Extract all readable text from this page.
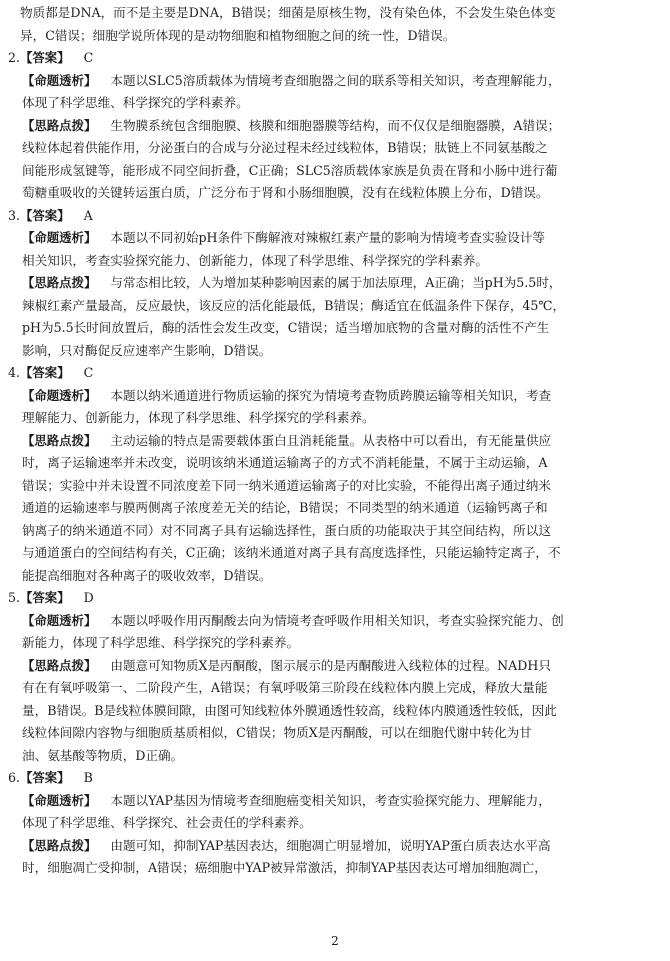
物质都是DNA，而不是主要是DNA，B错误；细菌是原核生物，没有染色体，不会发生染色体变
异，C错误；细胞学说所体现的是动物细胞和植物细胞之间的统一性，D错误。
2.【答案】 C
【命题透析】 本题以SLC5溶质载体为情境考查细胞器之间的联系等相关知识，考查理解能力，
体现了科学思维、科学探究的学科素养。
【思路点拨】 生物膜系统包含细胞膜、核膜和细胞器膜等结构，而不仅仅是细胞器膜，A错误；
线粒体起着供能作用，分泌蛋白的合成与分泌过程未经过线粒体，B错误；肽链上不同氨基酸之
间能形成氢键等，能形成不同空间折叠，C正确；SLC5溶质载体家族是负责在肾和小肠中进行葡
萄糖重吸收的关键转运蛋白质，广泛分布于肾和小肠细胞膜，没有在线粒体膜上分布，D错误。
3.【答案】 A
【命题透析】 本题以不同初始pH条件下酶解液对辣椒红素产量的影响为情境考查实验设计等
相关知识，考查实验探究能力、创新能力，体现了科学思维、科学探究的学科素养。
【思路点拨】 与常态相比较，人为增加某种影响因素的属于加法原理，A正确；当pH为5.5时，
辣椒红素产量最高，反应最快，该反应的活化能最低，B错误；酶适宜在低温条件下保存，45℃，
pH为5.5长时间放置后，酶的活性会发生改变，C错误；适当增加底物的含量对酶的活性不产生
影响，只对酶促反应速率产生影响，D错误。
4.【答案】 C
【命题透析】 本题以纳米通道进行物质运输的探究为情境考查物质跨膜运输等相关知识，考查
理解能力、创新能力，体现了科学思维、科学探究的学科素养。
【思路点拨】 主动运输的特点是需要载体蛋白且消耗能量。从表格中可以看出，有无能量供应
时，离子运输速率并未改变，说明该纳米通道运输离子的方式不消耗能量，不属于主动运输，A
错误；实验中并未设置不同浓度差下同一纳米通道运输离子的对比实验，不能得出离子通过纳米
通道的运输速率与膜两侧离子浓度差无关的结论，B错误；不同类型的纳米通道（运输钙离子和
钠离子的纳米通道不同）对不同离子具有运输选择性，蛋白质的功能取决于其空间结构，所以这
与通道蛋白的空间结构有关，C正确；该纳米通道对离子具有高度选择性，只能运输特定离子，不
能提高细胞对各种离子的吸收效率，D错误。
5.【答案】 D
【命题透析】 本题以呼吸作用丙酮酸去向为情境考查呼吸作用相关知识，考查实验探究能力、创
新能力，体现了科学思维、科学探究的学科素养。
【思路点拨】 由题意可知物质X是丙酮酸，图示展示的是丙酮酸进入线粒体的过程。NADH只
有在有氧呼吸第一、二阶段产生，A错误；有氧呼吸第三阶段在线粒体内膜上完成，释放大量能
量，B错误。B是线粒体膜间隙，由图可知线粒体外膜通透性较高，线粒体内膜通透性较低，因此
线粒体间隙内容物与细胞质基质相似，C错误；物质X是丙酮酸，可以在细胞代谢中转化为甘
油、氨基酸等物质，D正确。
6.【答案】 B
【命题透析】 本题以YAP基因为情境考查细胞癌变相关知识，考查实验探究能力、理解能力，
体现了科学思维、科学探究、社会责任的学科素养。
【思路点拨】 由题可知，抑制YAP基因表达，细胞凋亡明显增加，说明YAP蛋白质表达水平高
时，细胞凋亡受抑制，A错误；癌细胞中YAP被异常激活，抑制YAP基因表达可增加细胞凋亡，
2
